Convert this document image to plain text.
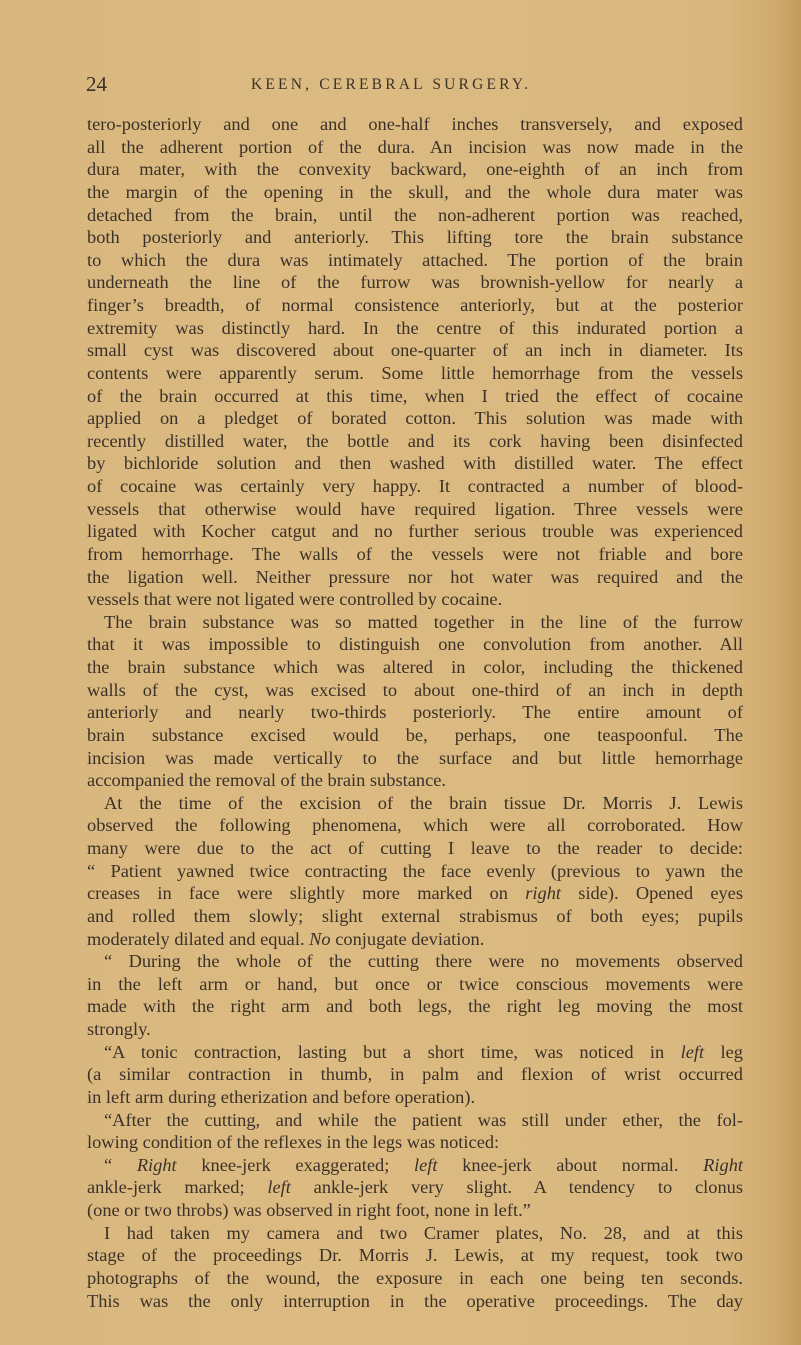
24	KEEN, CEREBRAL SURGERY.
tero-posteriorly and one and one-half inches transversely, and exposed
all the adherent portion of the dura. An incision was now made in the
dura mater, with the convexity backward, one-eighth of an inch from
the margin of the opening in the skull, and the whole dura mater was
detached from the brain, until the non-adherent portion was reached,
both posteriorly and anteriorly. This lifting tore the brain substance
to which the dura was intimately attached. The portion of the brain
underneath the line of the furrow was brownish-yellow for nearly a
finger’s breadth, of normal consistence anteriorly, but at the posterior
extremity was distinctly hard. In the centre of this indurated portion a
small cyst was discovered about one-quarter of an inch in diameter. Its
contents were apparently serum. Some little hemorrhage from the vessels
of the brain occurred at this time, when I tried the effect of cocaine
applied on a pledget of borated cotton. This solution was made with
recently distilled water, the bottle and its cork having been disinfected
by bichloride solution and then washed with distilled water. The effect
of cocaine was certainly very happy. It contracted a number of blood-
vessels that otherwise would have required ligation. Three vessels were
ligated with Kocher catgut and no further serious trouble was experienced
from hemorrhage. The walls of the vessels were not friable and bore
the ligation well. Neither pressure nor hot water was required and the
vessels that were not ligated were controlled by cocaine.
The brain substance was so matted together in the line of the furrow
that it was impossible to distinguish one convolution from another. All
the brain substance which was altered in color, including the thickened
walls of the cyst, was excised to about one-third of an inch in depth
anteriorly and nearly two-thirds posteriorly. The entire amount of
brain substance excised would be, perhaps, one teaspoonful. The
incision was made vertically to the surface and but little hemorrhage
accompanied the removal of the brain substance.
At the time of the excision of the brain tissue Dr. Morris J. Lewis
observed the following phenomena, which were all corroborated. How
many were due to the act of cutting I leave to the reader to decide:
“ Patient yawned twice contracting the face evenly (previous to yawn the
creases in face were slightly more marked on right side). Opened eyes
and rolled them slowly; slight external strabismus of both eyes; pupils
moderately dilated and equal. No conjugate deviation.
“ During the whole of the cutting there were no movements observed
in the left arm or hand, but once or twice conscious movements were
made with the right arm and both legs, the right leg moving the most
strongly.
“A tonic contraction, lasting but a short time, was noticed in left leg
(a similar contraction in thumb, in palm and flexion of wrist occurred
in left arm during etherization and before operation).
“After the cutting, and while the patient was still under ether, the fol-
lowing condition of the reflexes in the legs was noticed:
“ Right knee-jerk exaggerated; left knee-jerk about normal. Right
ankle-jerk marked; left ankle-jerk very slight. A tendency to clonus
(one or two throbs) was observed in right foot, none in left.”
I had taken my camera and two Cramer plates, No. 28, and at this
stage of the proceedings Dr. Morris J. Lewis, at my request, took two
photographs of the wound, the exposure in each one being ten seconds.
This was the only interruption in the operative proceedings. The day
